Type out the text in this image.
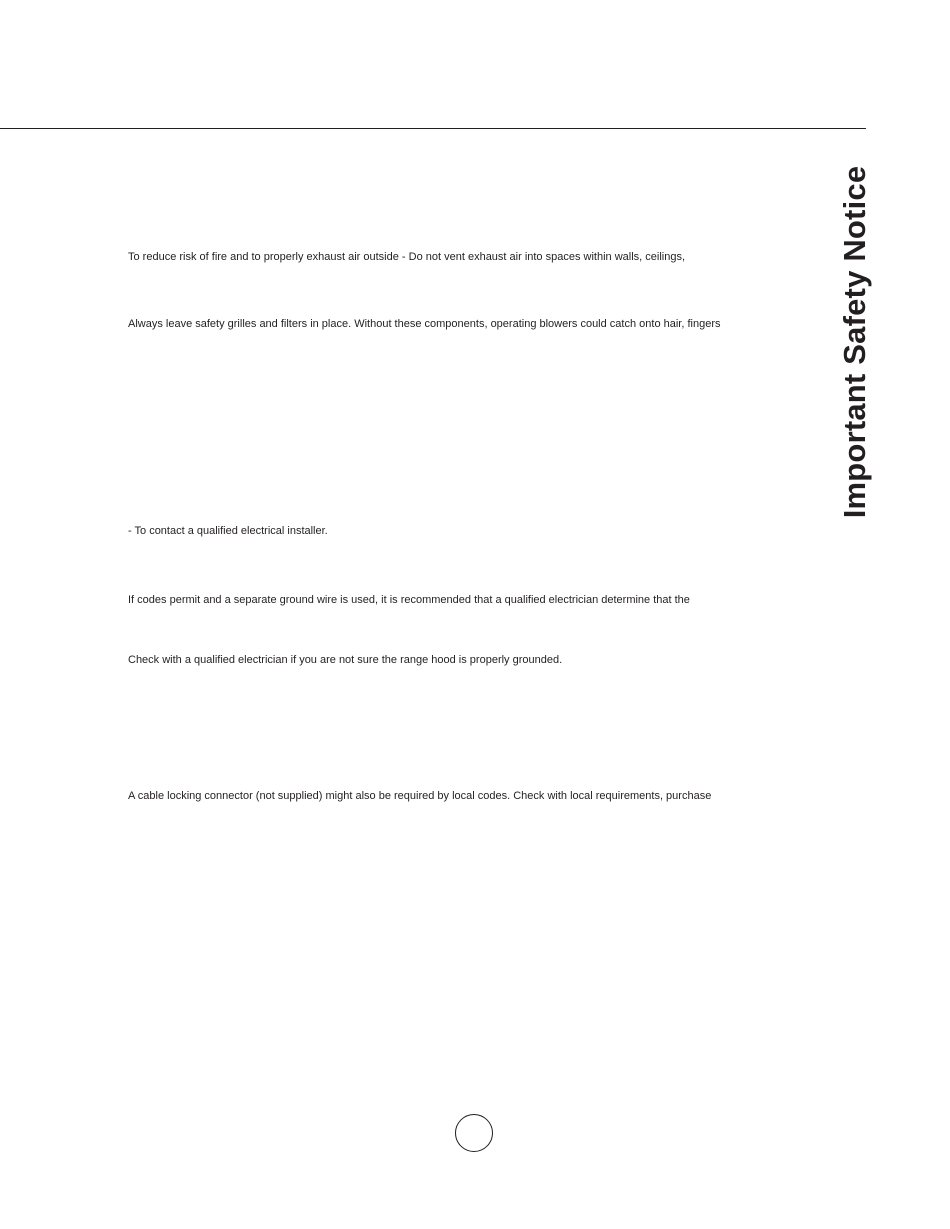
Important Safety Notice

To reduce risk of fire and to properly exhaust air outside - Do not vent exhaust air into spaces within walls, ceilings,

Always leave safety grilles and filters in place. Without these components, operating blowers could catch onto hair, fingers

- To contact a qualified electrical installer.

If codes permit and a separate ground wire is used, it is recommended that a qualified electrician determine that the

Check with a qualified electrician if you are not sure the range hood is properly grounded.

A cable locking connector (not supplied) might also be required by local codes. Check with local requirements, purchase
